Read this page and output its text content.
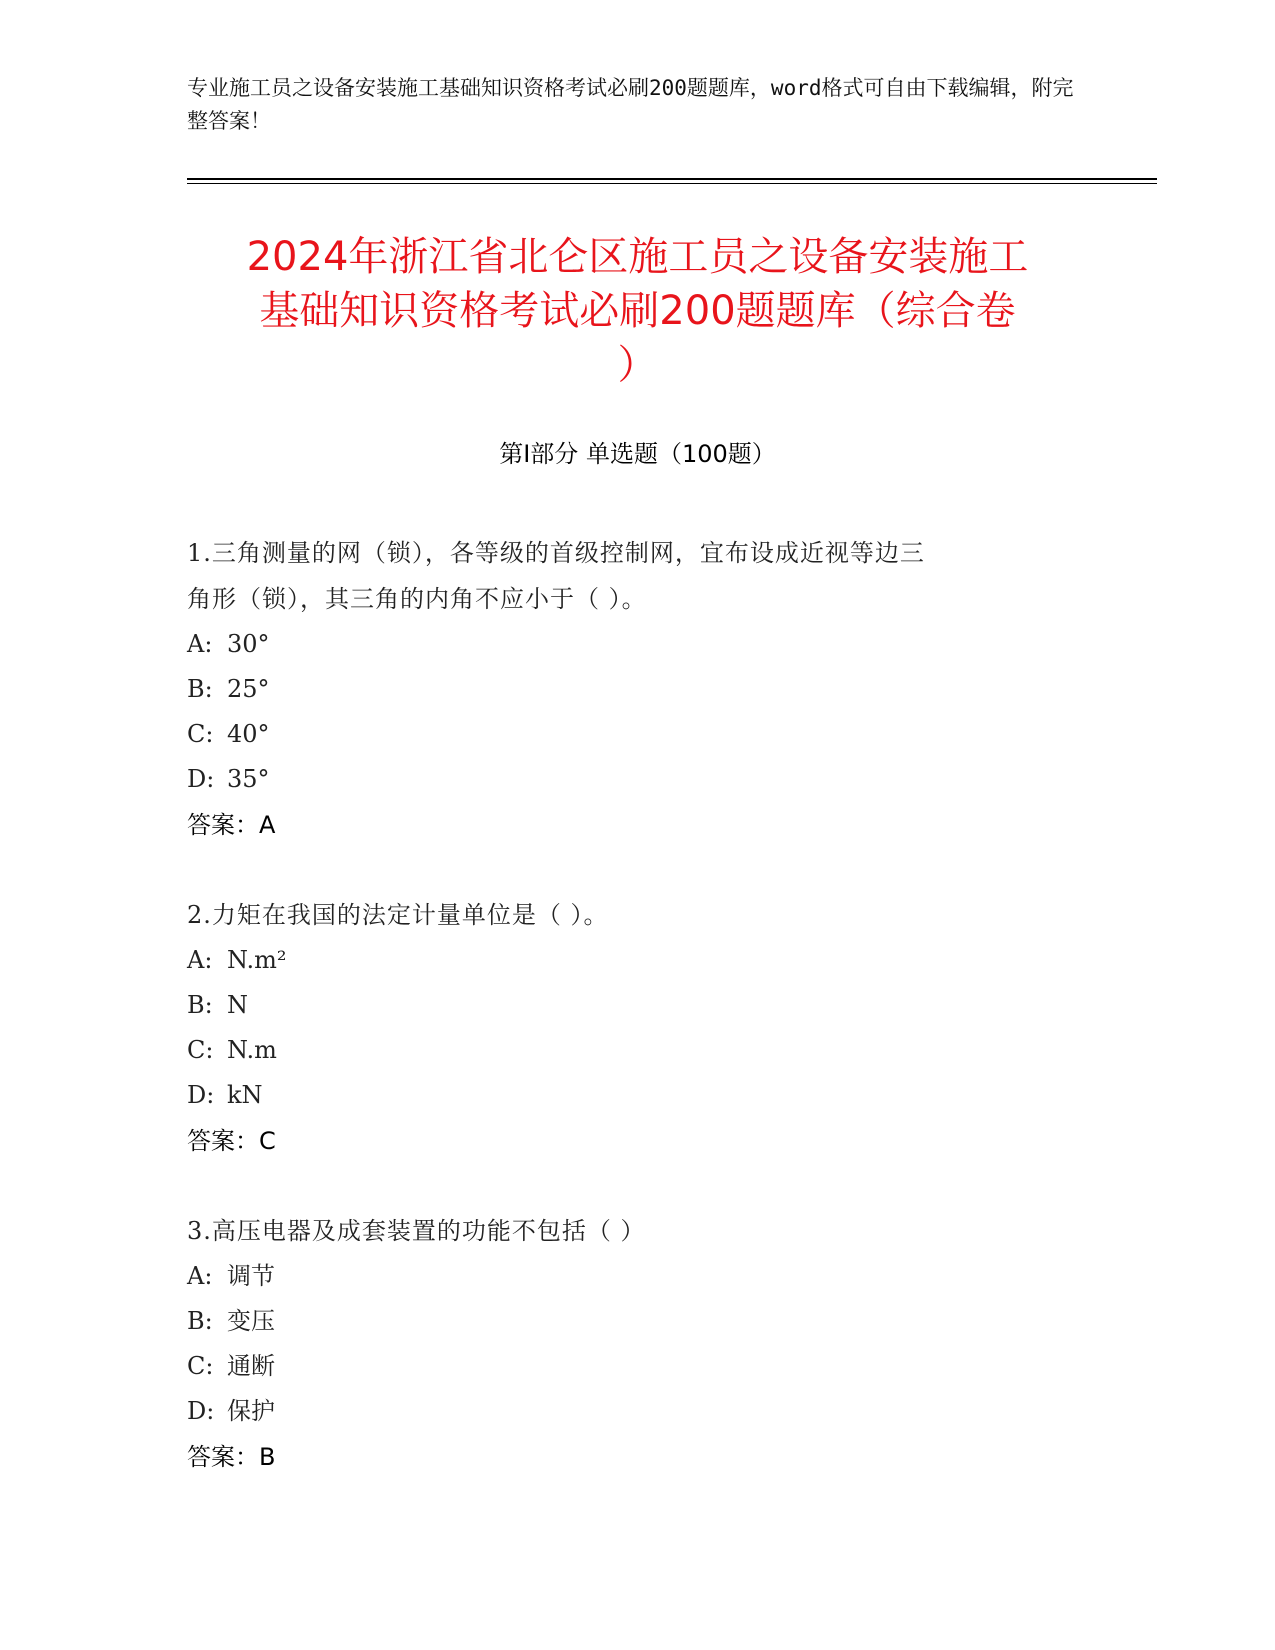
专业施工员之设备安装施工基础知识资格考试必刷200题题库，word格式可自由下载编辑，附完整答案！
2024年浙江省北仑区施工员之设备安装施工
基础知识资格考试必刷200题题库（综合卷
）
第Ⅰ部分 单选题（100题）
1.三角测量的网（锁），各等级的首级控制网，宜布设成近视等边三
角形（锁），其三角的内角不应小于（ ）。
A: 30°
B: 25°
C: 40°
D: 35°
答案：A
2.力矩在我国的法定计量单位是（ ）。
A: N.m²
B: N
C: N.m
D: kN
答案：C
3.高压电器及成套装置的功能不包括（ ）
A: 调节
B: 变压
C: 通断
D: 保护
答案：B
